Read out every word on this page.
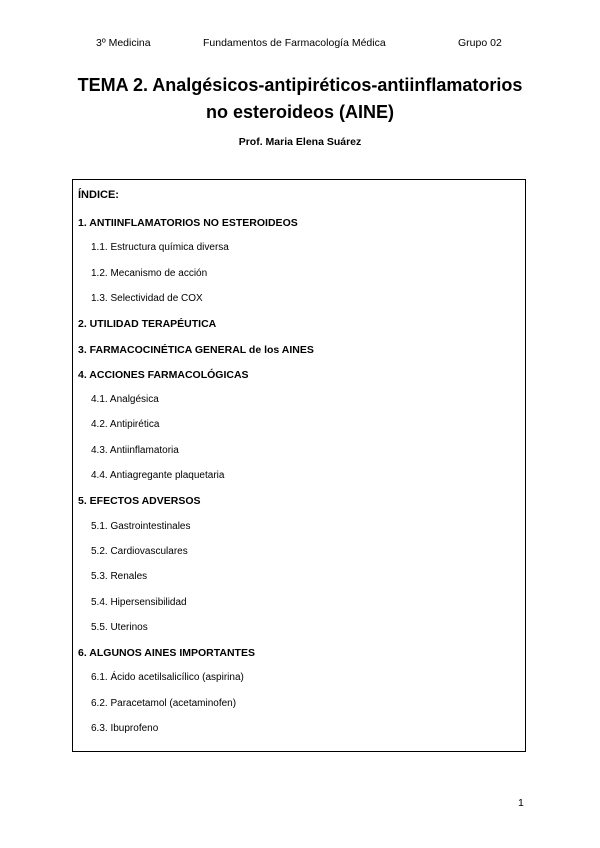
3º Medicina	Fundamentos de Farmacología Médica	Grupo 02
TEMA 2. Analgésicos-antipiréticos-antiinflamatorios
no esteroideos (AINE)
Prof. Maria Elena Suárez
ÍNDICE:
1. ANTIINFLAMATORIOS NO ESTEROIDEOS
1.1. Estructura química diversa
1.2. Mecanismo de acción
1.3. Selectividad de COX
2. UTILIDAD TERAPÉUTICA
3. FARMACOCINÉTICA GENERAL de los AINES
4. ACCIONES FARMACOLÓGICAS
4.1. Analgésica
4.2. Antipirética
4.3. Antiinflamatoria
4.4. Antiagregante plaquetaria
5. EFECTOS ADVERSOS
5.1. Gastrointestinales
5.2. Cardiovasculares
5.3. Renales
5.4. Hipersensibilidad
5.5. Uterinos
6. ALGUNOS AINES IMPORTANTES
6.1. Ácido acetilsalicílico (aspirina)
6.2. Paracetamol (acetaminofen)
6.3. Ibuprofeno
1
